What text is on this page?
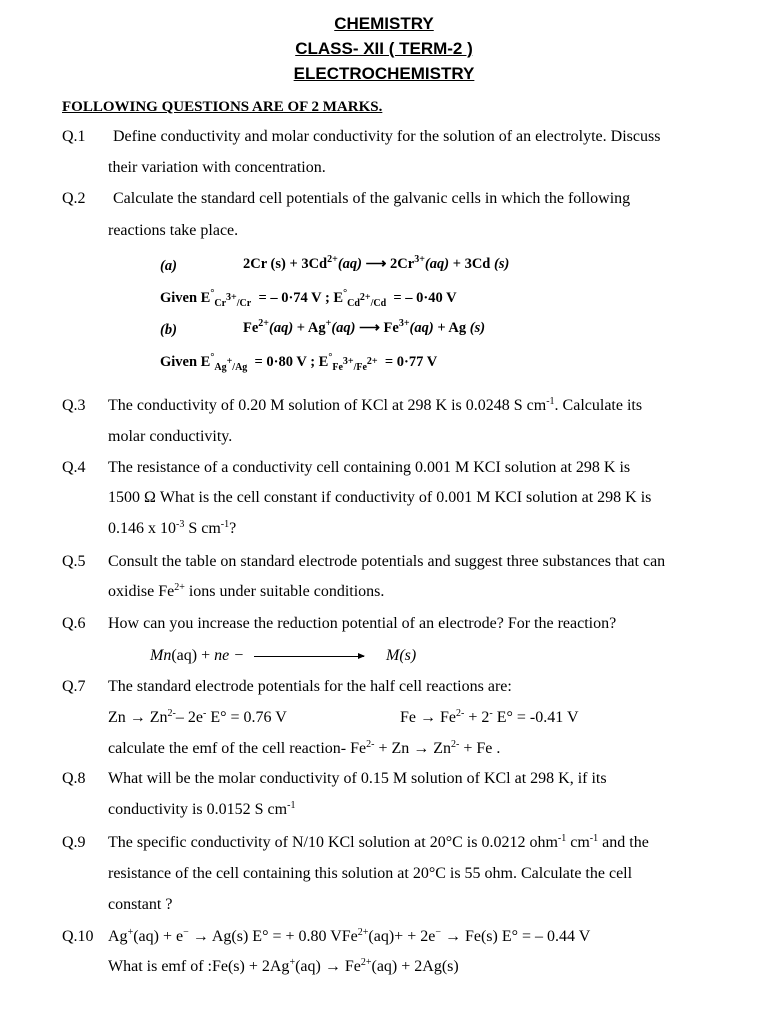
CHEMISTRY
CLASS- XII ( TERM-2 )
ELECTROCHEMISTRY
FOLLOWING QUESTIONS ARE OF 2 MARKS.
Q.1 Define conductivity and molar conductivity for the solution of an electrolyte. Discuss
their variation with concentration.
Q.2 Calculate the standard cell potentials of the galvanic cells in which the following
reactions take place.
(a)	2Cr $(s) + 3Cd^{2+}(aq)$ ⟶ $2Cr^{3+}(aq) + 3Cd$ (s)
Given $E^\circ_{Cr^{3+}/Cr}$ = – 0·74 V ; $E^\circ_{Cd^{2+}/Cd}$ = – 0·40 V
(b)	$Fe^{2+}(aq) + Ag^+(aq)$ ⟶ $Fe^{3+}(aq) + Ag$ (s)
Given $E^\circ_{Ag^+/Ag} = 0\cdot 80$ V ; $E^\circ_{Fe^{3+}/Fe^{2+}} = 0\cdot 77$ V
Q.3 The conductivity of 0.20 M solution of KCl at 298 K is 0.0248 S $cm^{-1}$. Calculate its
molar conductivity.
Q.4 The resistance of a conductivity cell containing 0.001 M KCI solution at 298 K is
1500 Ω What is the cell constant if conductivity of 0.001 M KCI solution at 298 K is
0.146 x $10^{-3}$ S $cm^{-1}$?
Q.5 Consult the table on standard electrode potentials and suggest three substances that can
oxidise $Fe^{2+}$ ions under suitable conditions.
Q.6 How can you increase the reduction potential of an electrode? For the reaction?
Mn(aq) + ne −	M(s)
Q.7 The standard electrode potentials for the half cell reactions are:
$Zn \to Zn^{2-}-$ 2e- E° = 0.76 V	$Fe \to Fe^{2-} + 2^-$ E° = -0.41 V
calculate the emf of the cell reaction- $Fe^{2-} + Zn \to Zn^{2-} + Fe$ .
Q.8 What will be the molar conductivity of 0.15 M solution of KCl at 298 K, if its
conductivity is 0.0152 S $cm^{-1}$
Q.9 The specific conductivity of N/10 KCl solution at 20°C is 0.0212 ohm$^{-1}$ $cm^{-1}$ and the
resistance of the cell containing this solution at 20°C is 55 ohm. Calculate the cell
constant ?
Q.10 Ag+(aq) + e− → Ag(s) E° = + 0.80 VFe$^{2+}$(aq)+ + 2e− → Fe(s) E° = – 0.44 V
What is emf of :Fe(s) + $2Ag^+(aq) \to Fe^{2+}(aq) + 2Ag(s)$
